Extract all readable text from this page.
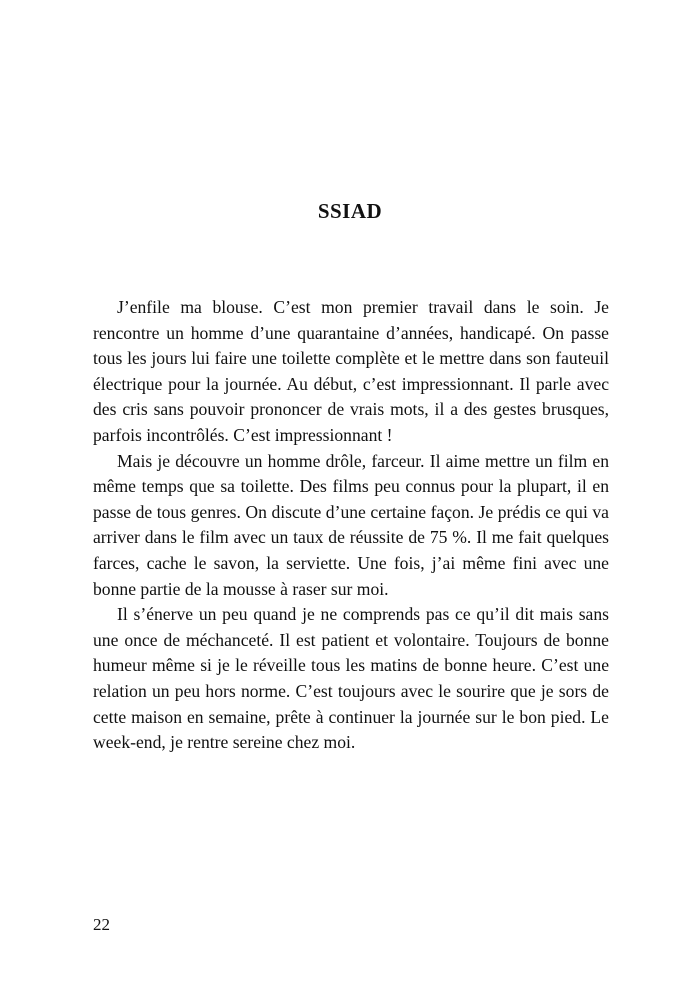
SSIAD

J’enfile ma blouse. C’est mon premier travail dans le soin. Je rencontre un homme d’une quarantaine d’années, handicapé. On passe tous les jours lui faire une toilette complète et le mettre dans son fauteuil électrique pour la journée. Au début, c’est impressionnant. Il parle avec des cris sans pouvoir prononcer de vrais mots, il a des gestes brusques, parfois incontrôlés. C’est impressionnant !

Mais je découvre un homme drôle, farceur. Il aime mettre un film en même temps que sa toilette. Des films peu connus pour la plupart, il en passe de tous genres. On discute d’une certaine façon. Je prédis ce qui va arriver dans le film avec un taux de réussite de 75 %. Il me fait quelques farces, cache le savon, la serviette. Une fois, j’ai même fini avec une bonne partie de la mousse à raser sur moi.

Il s’énerve un peu quand je ne comprends pas ce qu’il dit mais sans une once de méchanceté. Il est patient et volontaire. Toujours de bonne humeur même si je le réveille tous les matins de bonne heure. C’est une relation un peu hors norme. C’est toujours avec le sourire que je sors de cette maison en semaine, prête à continuer la journée sur le bon pied. Le week-end, je rentre sereine chez moi.

22
